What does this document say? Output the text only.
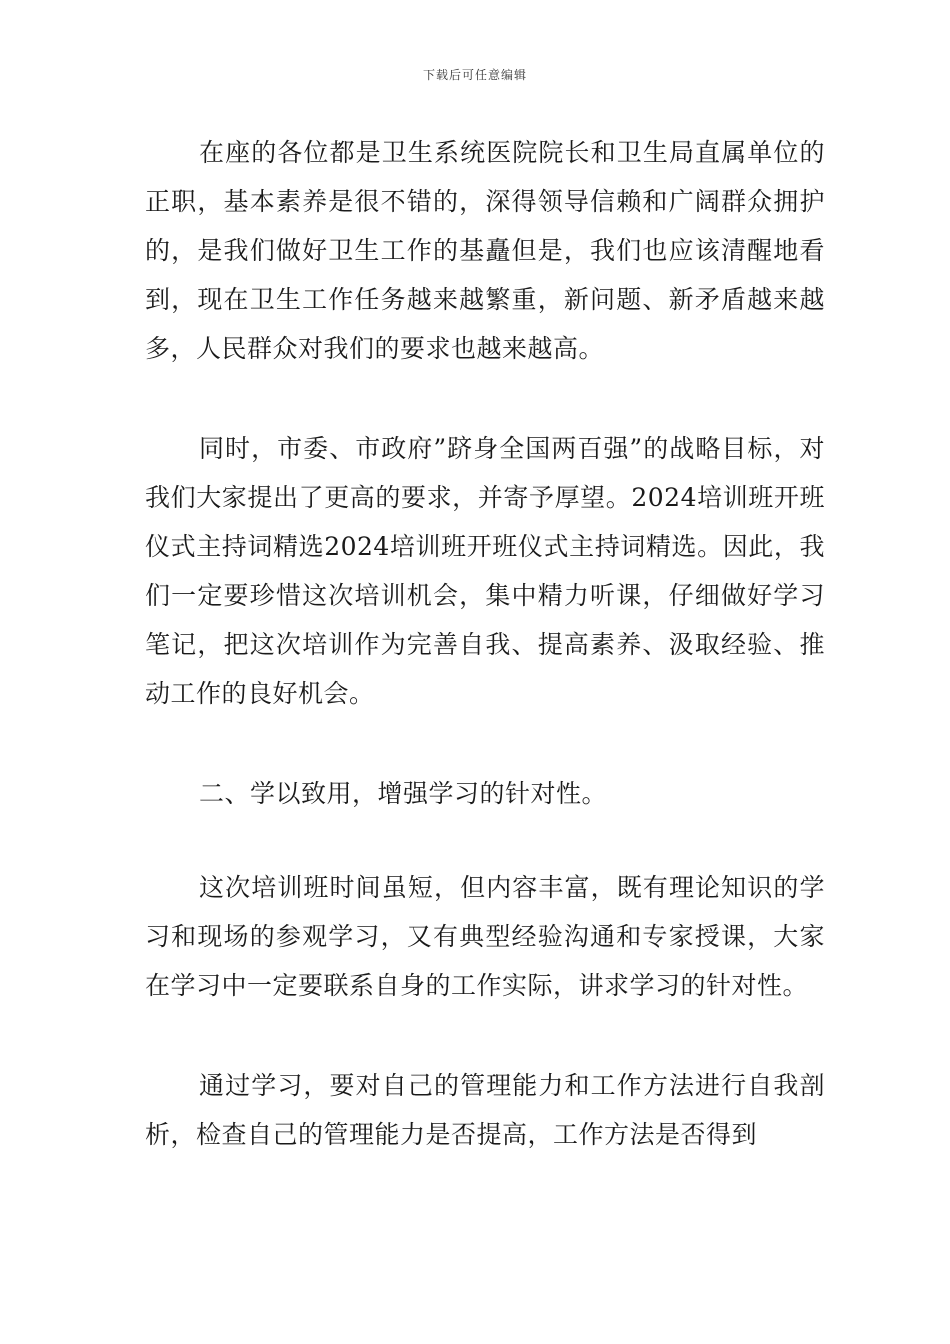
下载后可任意编辑

在座的各位都是卫生系统医院院长和卫生局直属单位的正职，基本素养是很不错的，深得领导信赖和广阔群众拥护的，是我们做好卫生工作的基矗但是，我们也应该清醒地看到，现在卫生工作任务越来越繁重，新问题、新矛盾越来越多，人民群众对我们的要求也越来越高。

同时，市委、市政府”跻身全国两百强”的战略目标，对我们大家提出了更高的要求，并寄予厚望。2024培训班开班仪式主持词精选2024培训班开班仪式主持词精选。因此，我们一定要珍惜这次培训机会，集中精力听课，仔细做好学习笔记，把这次培训作为完善自我、提高素养、汲取经验、推动工作的良好机会。

二、学以致用，增强学习的针对性。

这次培训班时间虽短，但内容丰富，既有理论知识的学习和现场的参观学习，又有典型经验沟通和专家授课，大家在学习中一定要联系自身的工作实际，讲求学习的针对性。

通过学习，要对自己的管理能力和工作方法进行自我剖析，检查自己的管理能力是否提高，工作方法是否得到
